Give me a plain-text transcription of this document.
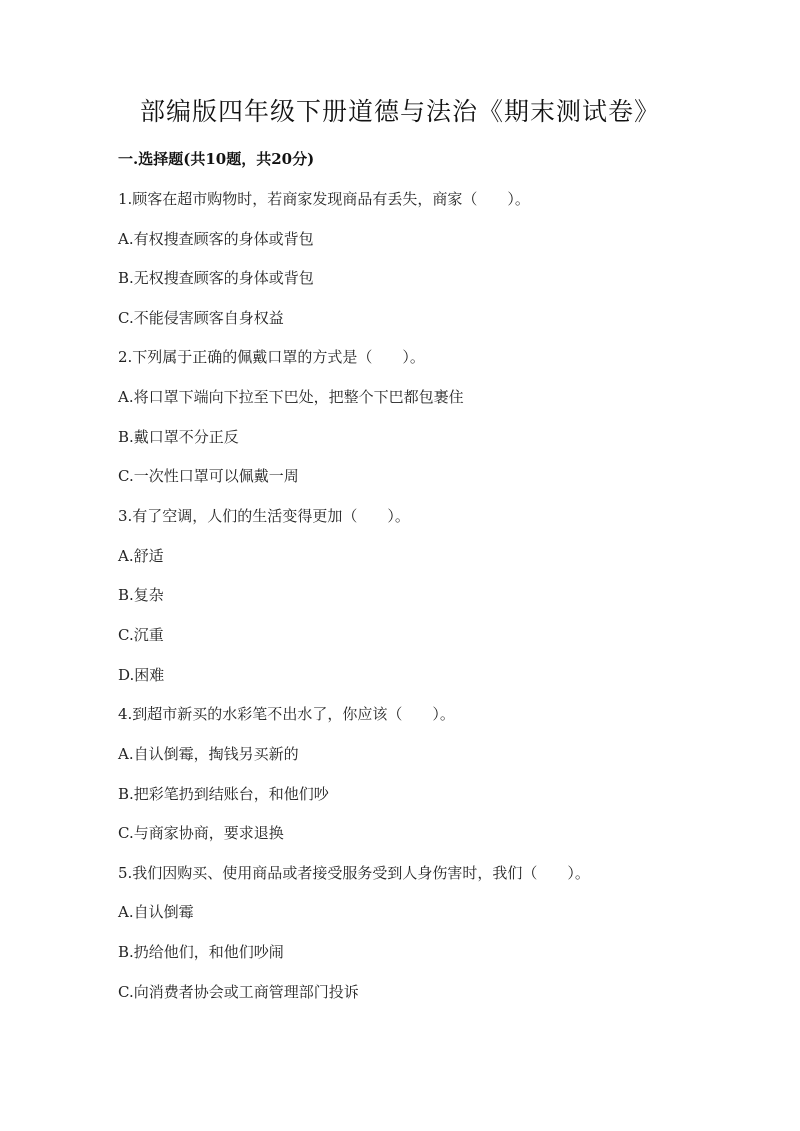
部编版四年级下册道德与法治《期末测试卷》
一.选择题(共10题，共20分)
1.顾客在超市购物时，若商家发现商品有丢失，商家（　　）。
A.有权搜查顾客的身体或背包
B.无权搜查顾客的身体或背包
C.不能侵害顾客自身权益
2.下列属于正确的佩戴口罩的方式是（　　）。
A.将口罩下端向下拉至下巴处，把整个下巴都包裹住
B.戴口罩不分正反
C.一次性口罩可以佩戴一周
3.有了空调，人们的生活变得更加（　　）。
A.舒适
B.复杂
C.沉重
D.困难
4.到超市新买的水彩笔不出水了，你应该（　　）。
A.自认倒霉，掏钱另买新的
B.把彩笔扔到结账台，和他们吵
C.与商家协商，要求退换
5.我们因购买、使用商品或者接受服务受到人身伤害时，我们（　　）。
A.自认倒霉
B.扔给他们，和他们吵闹
C.向消费者协会或工商管理部门投诉
